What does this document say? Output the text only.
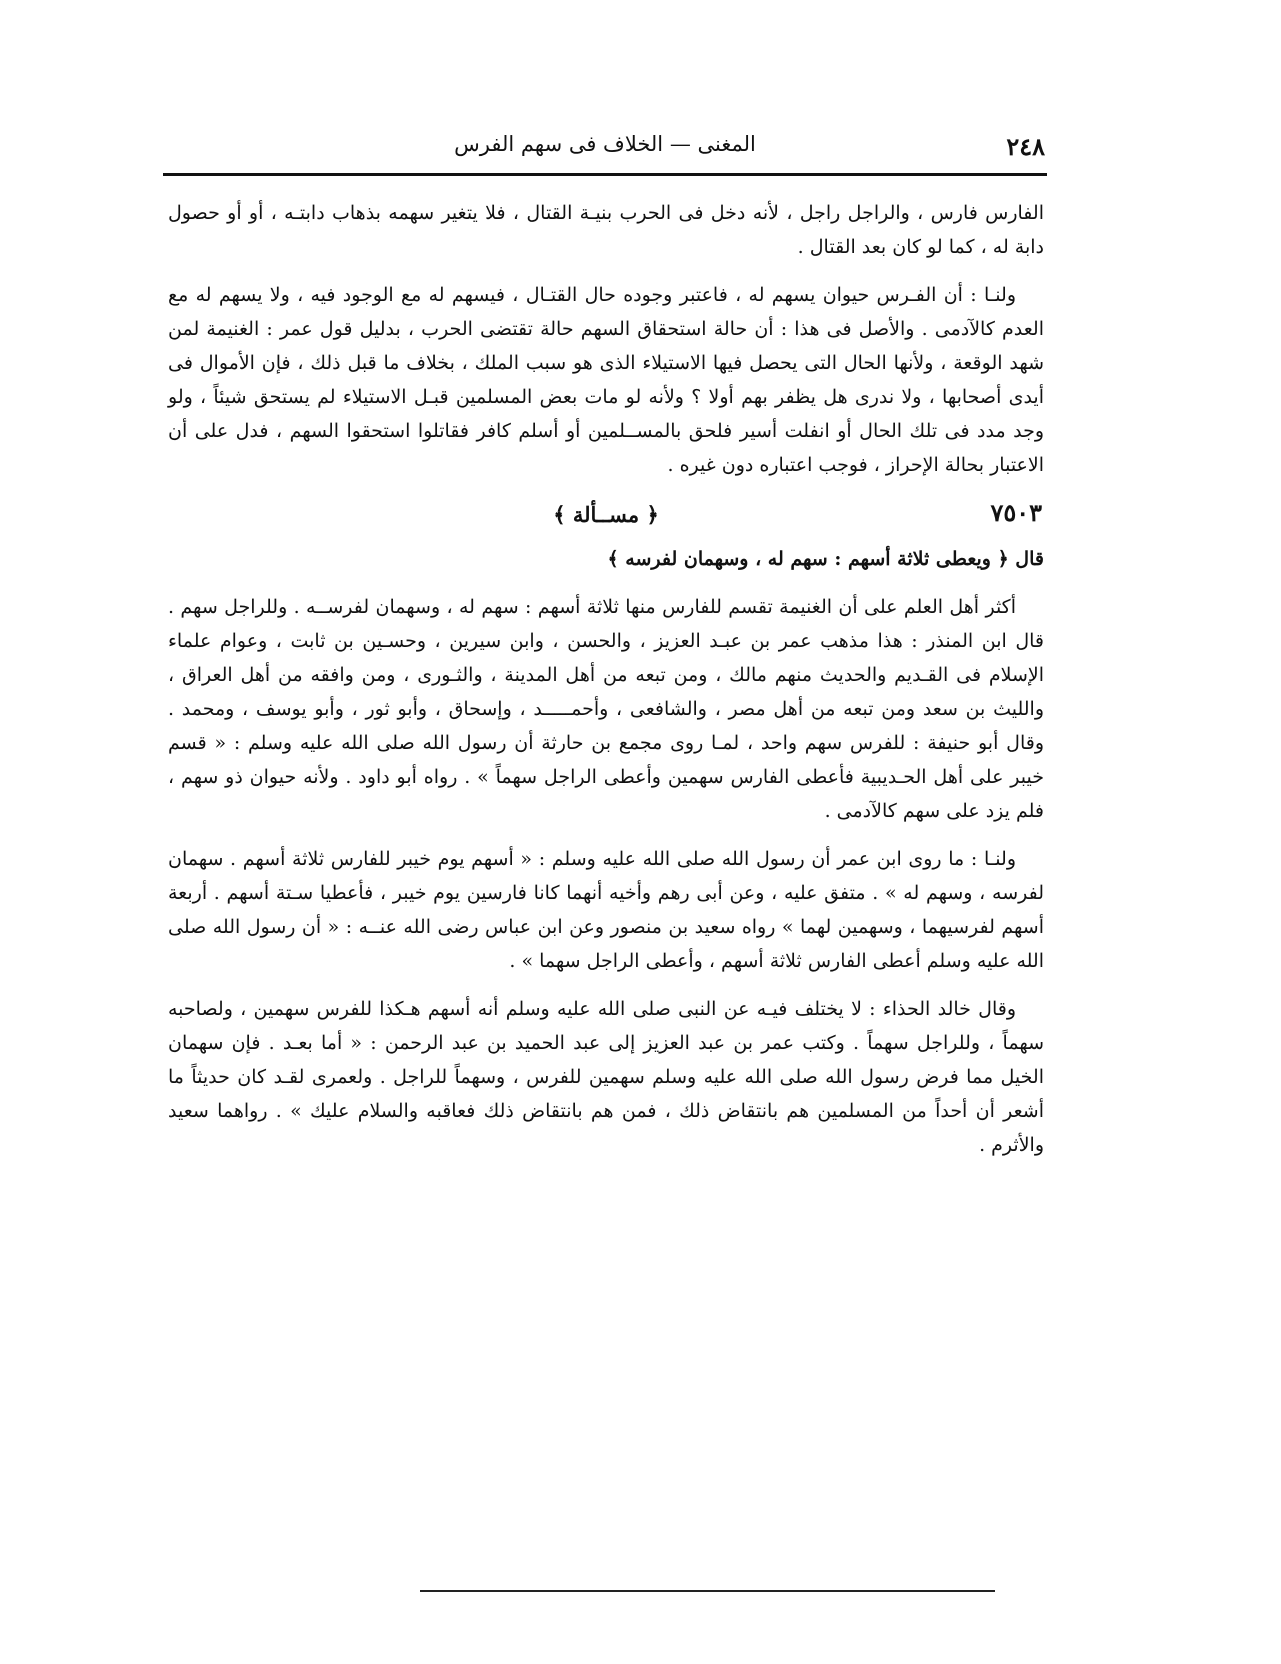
٢٤٨
المغنى — الخلاف فى سهم الفرس

الفارس فارس ، والراجل راجل ، لأنه دخل فى الحرب بنيـة القتال ، فلا يتغير سهمه بذهاب دابتـه ، أو أو حصول دابة له ، كما لو كان بعد القتال .

ولنـا : أن الفـرس حيوان يسهم له ، فاعتبر وجوده حال القتـال ، فيسهم له مع الوجود فيه ، ولا يسهم له مع العدم كالآدمى . والأصل فى هذا : أن حالة استحقاق السهم حالة تقتضى الحرب ، بدليل قول عمر : الغنيمة لمن شهد الوقعة ، ولأنها الحال التى يحصل فيها الاستيلاء الذى هو سبب الملك ، بخلاف ما قبل ذلك ، فإن الأموال فى أيدى أصحابها ، ولا ندرى هل يظفر بهم أولا ؟ ولأنه لو مات بعض المسلمين قبـل الاستيلاء لم يستحق شيئاً ، ولو وجد مدد فى تلك الحال أو انفلت أسير فلحق بالمســلمين أو أسلم كافر فقاتلوا استحقوا السهم ، فدل على أن الاعتبار بحالة الإحراز ، فوجب اعتباره دون غيره .

٧٥٠٣
﴿ مســألة ﴾

قال ﴿ ويعطى ثلاثة أسهم : سهم له ، وسهمان لفرسه ﴾

أكثر أهل العلم على أن الغنيمة تقسم للفارس منها ثلاثة أسهم : سهم له ، وسهمان لفرســه . وللراجل سهم . قال ابن المنذر : هذا مذهب عمر بن عبـد العزيز ، والحسن ، وابن سيرين ، وحسـين بن ثابت ، وعوام علماء الإسلام فى القـديم والحديث منهم مالك ، ومن تبعه من أهل المدينة ، والثـورى ، ومن وافقه من أهل العراق ، والليث بن سعد ومن تبعه من أهل مصر ، والشافعى ، وأحمـــــد ، وإسحاق ، وأبو ثور ، وأبو يوسف ، ومحمد . وقال أبو حنيفة : للفرس سهم واحد ، لمـا روى مجمع بن حارثة أن رسول الله صلى الله عليه وسلم : « قسم خيبر على أهل الحـديبية فأعطى الفارس سهمين وأعطى الراجل سهماً » . رواه أبو داود . ولأنه حيوان ذو سهم ، فلم يزد على سهم كالآدمى .

ولنـا : ما روى ابن عمر أن رسول الله صلى الله عليه وسلم : « أسهم يوم خيبر للفارس ثلاثة أسهم . سهمان لفرسه ، وسهم له » . متفق عليه ، وعن أبى رهم وأخيه أنهما كانا فارسين يوم خيبر ، فأعطيا سـتة أسهم . أربعة أسهم لفرسيهما ، وسهمين لهما » رواه سعيد بن منصور وعن ابن عباس رضى الله عنــه : « أن رسول الله صلى الله عليه وسلم أعطى الفارس ثلاثة أسهم ، وأعطى الراجل سهما » .

وقال خالد الحذاء : لا يختلف فيـه عن النبى صلى الله عليه وسلم أنه أسهم هـكذا للفرس سهمين ، ولصاحبه سهماً ، وللراجل سهماً . وكتب عمر بن عبد العزيز إلى عبد الحميد بن عبد الرحمن : « أما بعـد . فإن سهمان الخيل مما فرض رسول الله صلى الله عليه وسلم سهمين للفرس ، وسهماً للراجل . ولعمرى لقـد كان حديثاً ما أشعر أن أحداً من المسلمين هم بانتقاض ذلك ، فمن هم بانتقاض ذلك فعاقبه والسلام عليك » . رواهما سعيد والأثرم .
